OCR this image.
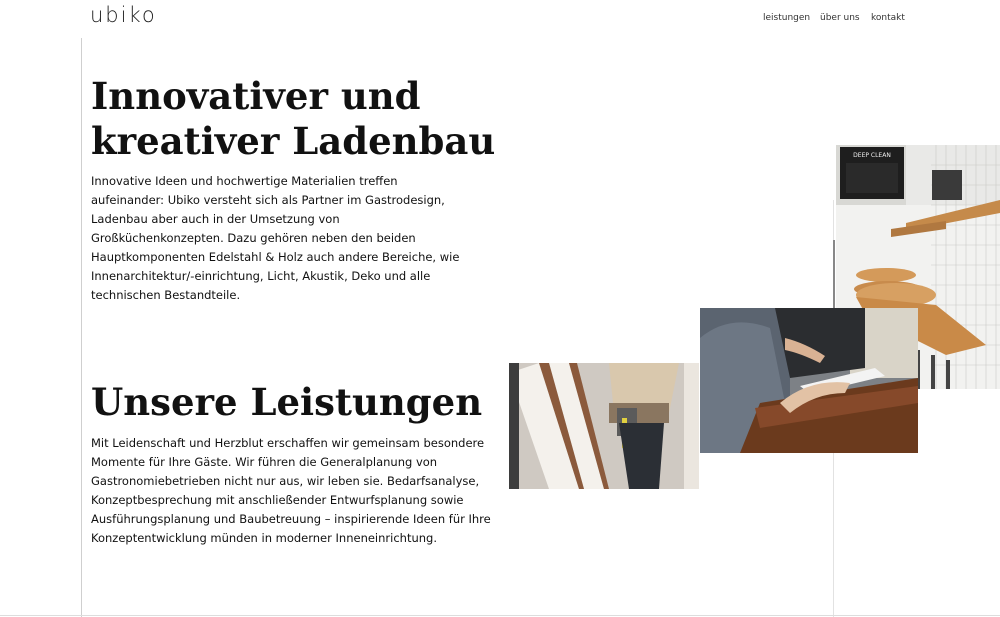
ubiko	leistungen über uns kontakt
Innovativer und kreativer Ladenbau

Innovative Ideen und hochwertige Materialien treffen aufeinander: Ubiko versteht sich als Partner im Gastrodesign, Ladenbau aber auch in der Umsetzung von Großküchenkonzepten. Dazu gehören neben den beiden Hauptkomponenten Edelstahl & Holz auch andere Bereiche, wie Innenarchitektur/-einrichtung, Licht, Akustik, Deko und alle technischen Bestandteile.

Unsere Leistungen

Mit Leidenschaft und Herzblut erschaffen wir gemeinsam besondere Momente für Ihre Gäste. Wir führen die Generalplanung von Gastronomiebetrieben nicht nur aus, wir leben sie. Bedarfsanalyse, Konzeptbesprechung mit anschließender Entwurfsplanung sowie Ausführungsplanung und Baubetreuung – inspirierende Ideen für Ihre Konzeptentwicklung münden in moderner Inneneinrichtung.

DEEP CLEAN
